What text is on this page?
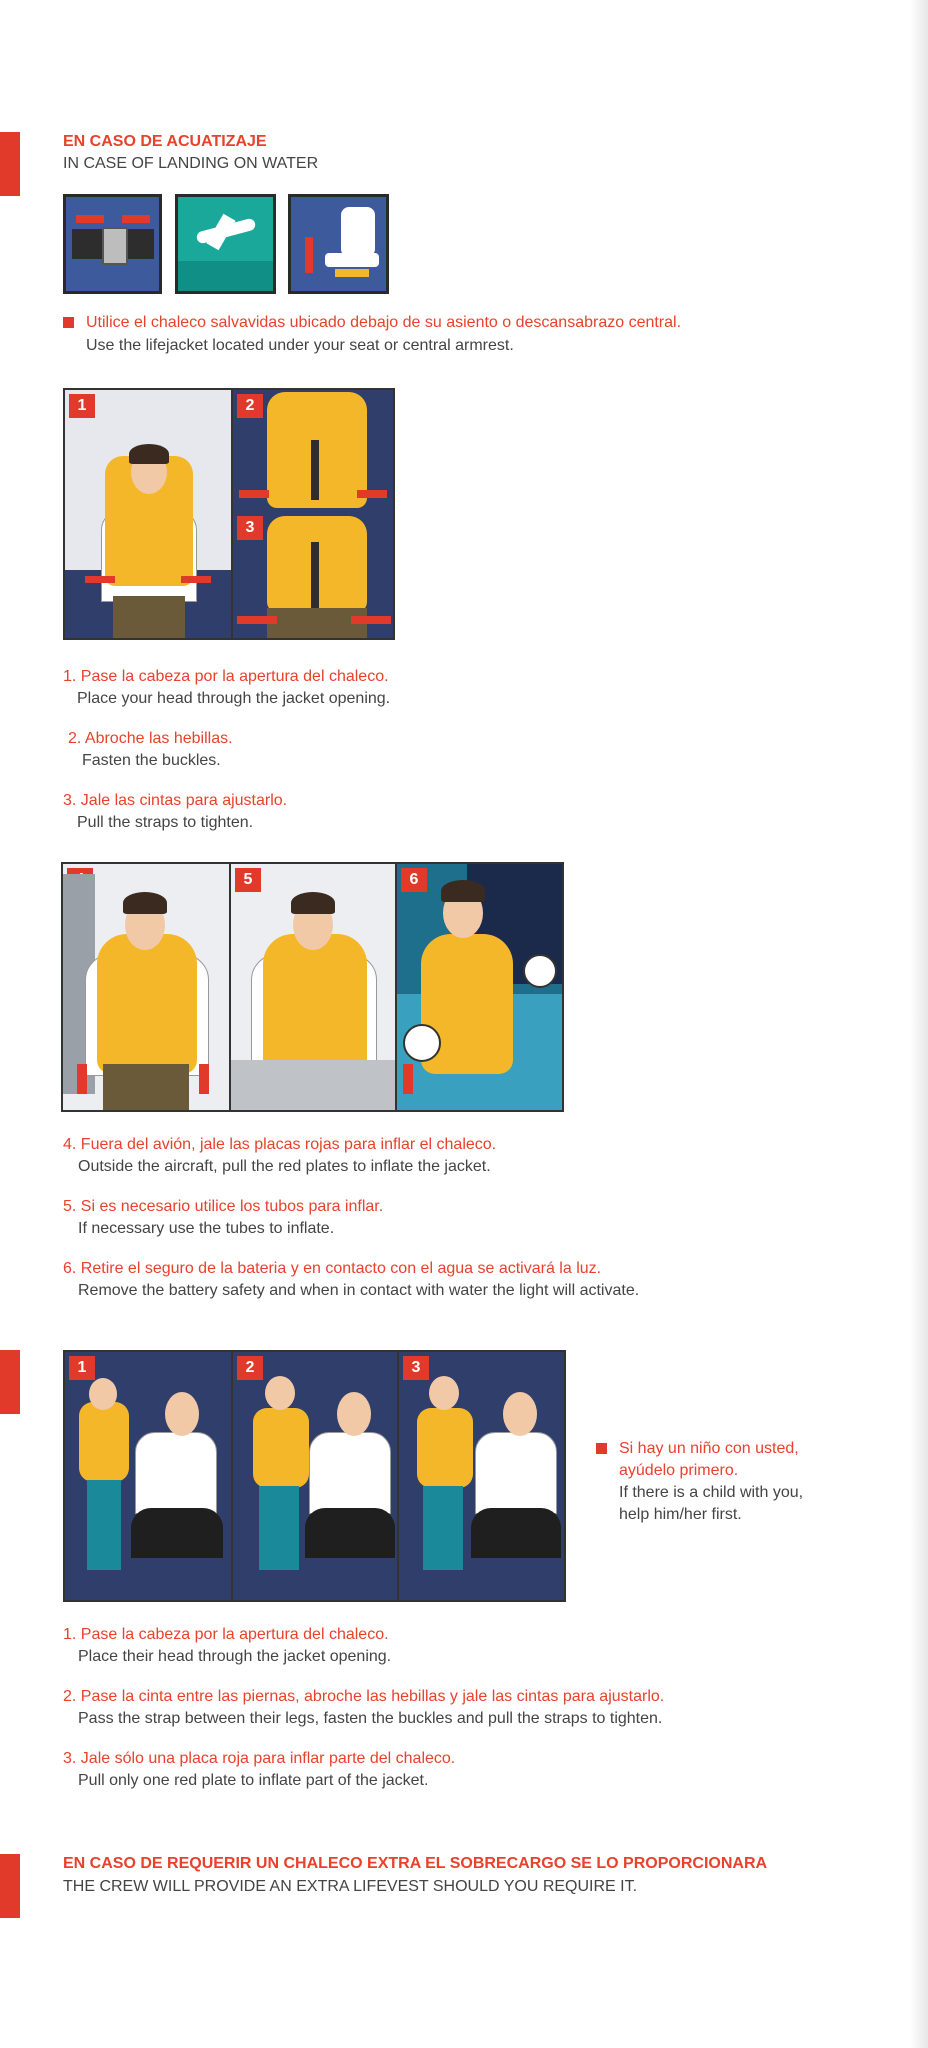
EN CASO DE ACUATIZAJE
IN CASE OF LANDING ON WATER
Utilice el chaleco salvavidas ubicado debajo de su asiento o descansabrazo central.
Use the lifejacket located under your seat or central armrest.
1	2
3
1. Pase la cabeza por la apertura del chaleco.
Place your head through the jacket opening.
2. Abroche las hebillas.
Fasten the buckles.
3. Jale las cintas para ajustarlo.
Pull the straps to tighten.
5	6
4. Fuera del avión, jale las placas rojas para inflar el chaleco.
Outside the aircraft, pull the red plates to inflate the jacket.
5. Si es necesario utilice los tubos para inflar.
If necessary use the tubes to inflate.
6. Retire el seguro de la bateria y en contacto con el agua se activará la luz.
Remove the battery safety and when in contact with water the light will activate.
1	2	3
Si hay un niño con usted,
ayúdelo primero.
If there is a child with you,
help him/her first.
1. Pase la cabeza por la apertura del chaleco.
Place their head through the jacket opening.
2. Pase la cinta entre las piernas, abroche las hebillas y jale las cintas para ajustarlo.
Pass the strap between their legs, fasten the buckles and pull the straps to tighten.
3. Jale sólo una placa roja para inflar parte del chaleco.
Pull only one red plate to inflate part of the jacket.
EN CASO DE REQUERIR UN CHALECO EXTRA EL SOBRECARGO SE LO PROPORCIONARA
THE CREW WILL PROVIDE AN EXTRA LIFEVEST SHOULD YOU REQUIRE IT.
